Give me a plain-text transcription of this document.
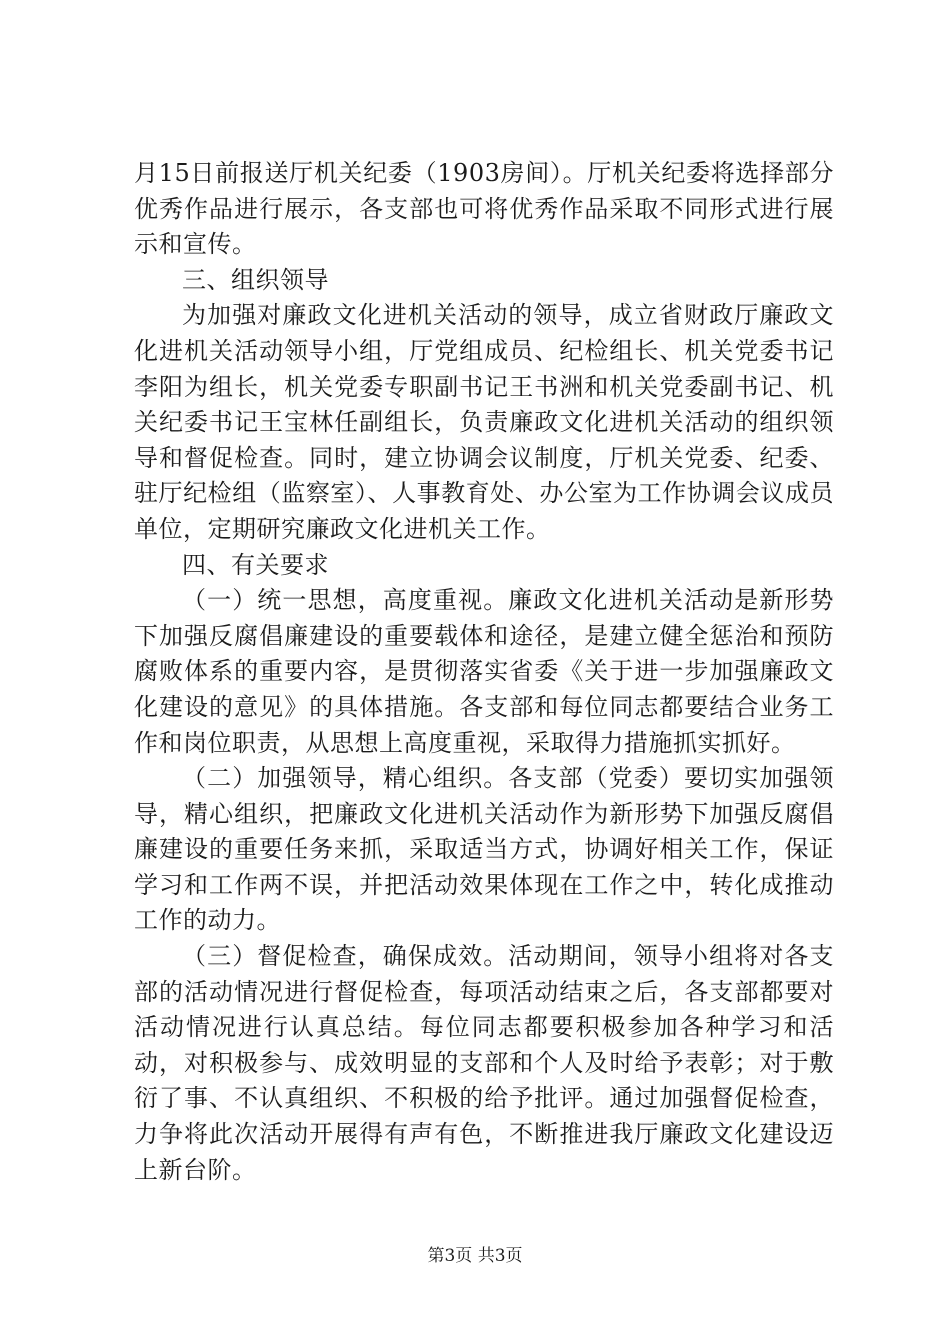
月15日前报送厅机关纪委（1903房间）。厅机关纪委将选择部分优秀作品进行展示，各支部也可将优秀作品采取不同形式进行展示和宣传。

三、组织领导

为加强对廉政文化进机关活动的领导，成立省财政厅廉政文化进机关活动领导小组，厅党组成员、纪检组长、机关党委书记李阳为组长，机关党委专职副书记王书洲和机关党委副书记、机关纪委书记王宝林任副组长，负责廉政文化进机关活动的组织领导和督促检查。同时，建立协调会议制度，厅机关党委、纪委、驻厅纪检组（监察室）、人事教育处、办公室为工作协调会议成员单位，定期研究廉政文化进机关工作。

四、有关要求

（一）统一思想，高度重视。廉政文化进机关活动是新形势下加强反腐倡廉建设的重要载体和途径，是建立健全惩治和预防腐败体系的重要内容，是贯彻落实省委《关于进一步加强廉政文化建设的意见》的具体措施。各支部和每位同志都要结合业务工作和岗位职责，从思想上高度重视，采取得力措施抓实抓好。

（二）加强领导，精心组织。各支部（党委）要切实加强领导，精心组织，把廉政文化进机关活动作为新形势下加强反腐倡廉建设的重要任务来抓，采取适当方式，协调好相关工作，保证学习和工作两不误，并把活动效果体现在工作之中，转化成推动工作的动力。

（三）督促检查，确保成效。活动期间，领导小组将对各支部的活动情况进行督促检查，每项活动结束之后，各支部都要对活动情况进行认真总结。每位同志都要积极参加各种学习和活动，对积极参与、成效明显的支部和个人及时给予表彰；对于敷衍了事、不认真组织、不积极的给予批评。通过加强督促检查，力争将此次活动开展得有声有色，不断推进我厅廉政文化建设迈上新台阶。

第3页 共3页
